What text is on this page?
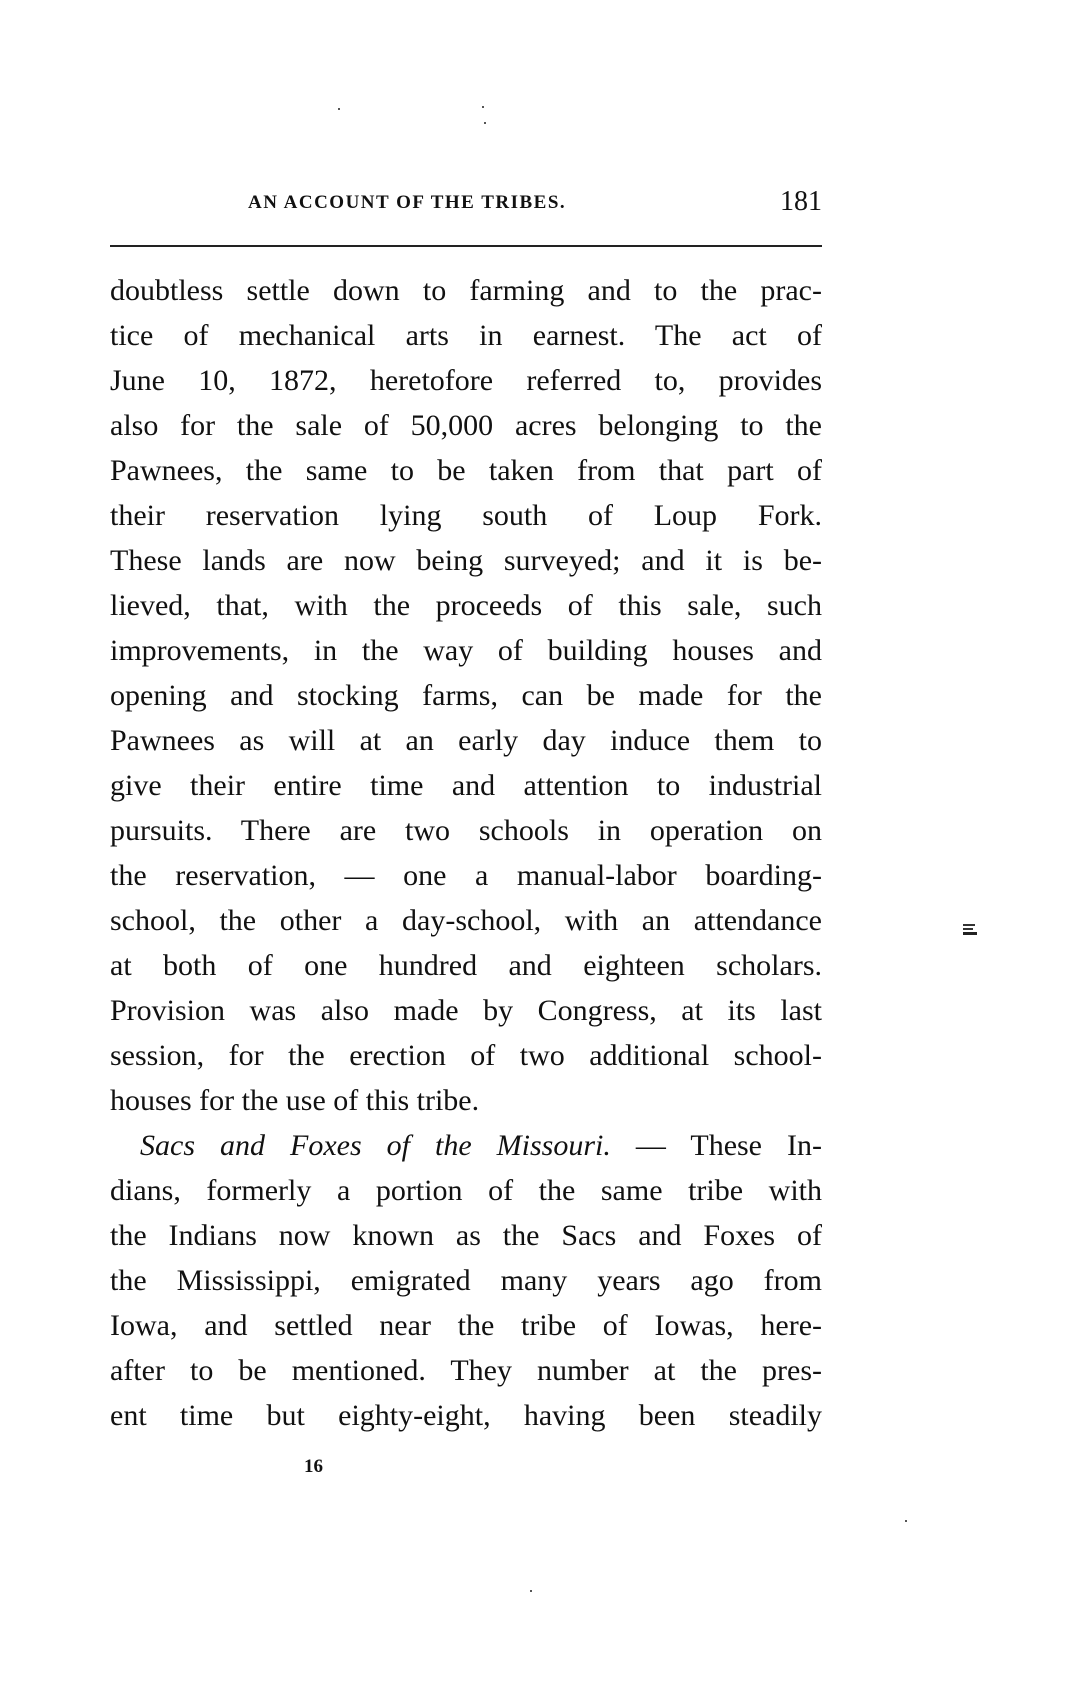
AN ACCOUNT OF THE TRIBES.	181
doubtless settle down to farming and to the prac-
tice of mechanical arts in earnest. The act of
June 10, 1872, heretofore referred to, provides
also for the sale of 50,000 acres belonging to the
Pawnees, the same to be taken from that part of
their reservation lying south of Loup Fork.
These lands are now being surveyed; and it is be-
lieved, that, with the proceeds of this sale, such
improvements, in the way of building houses and
opening and stocking farms, can be made for the
Pawnees as will at an early day induce them to
give their entire time and attention to industrial
pursuits. There are two schools in operation on
the reservation, — one a manual-labor boarding-
school, the other a day-school, with an attendance
at both of one hundred and eighteen scholars.
Provision was also made by Congress, at its last
session, for the erection of two additional school-
houses for the use of this tribe.
Sacs and Foxes of the Missouri. — These In-
dians, formerly a portion of the same tribe with
the Indians now known as the Sacs and Foxes of
the Mississippi, emigrated many years ago from
Iowa, and settled near the tribe of Iowas, here-
after to be mentioned. They number at the pres-
ent time but eighty-eight, having been steadily
16
